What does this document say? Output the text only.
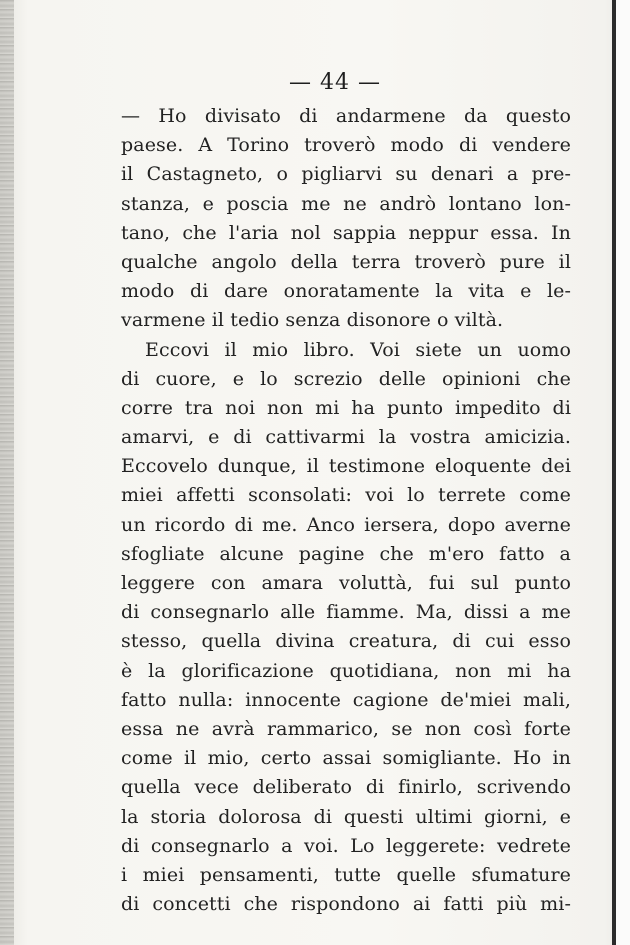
— 44 —
— Ho divisato di andarmene da questo
paese. A Torino troverò modo di vendere
il Castagneto, o pigliarvi su denari a pre-
stanza, e poscia me ne andrò lontano lon-
tano, che l'aria nol sappia neppur essa. In
qualche angolo della terra troverò pure il
modo di dare onoratamente la vita e le-
varmene il tedio senza disonore o viltà.
Eccovi il mio libro. Voi siete un uomo
di cuore, e lo screzio delle opinioni che
corre tra noi non mi ha punto impedito di
amarvi, e di cattivarmi la vostra amicizia.
Eccovelo dunque, il testimone eloquente dei
miei affetti sconsolati: voi lo terrete come
un ricordo di me. Anco iersera, dopo averne
sfogliate alcune pagine che m'ero fatto a
leggere con amara voluttà, fui sul punto
di consegnarlo alle fiamme. Ma, dissi a me
stesso, quella divina creatura, di cui esso
è la glorificazione quotidiana, non mi ha
fatto nulla: innocente cagione de'miei mali,
essa ne avrà rammarico, se non così forte
come il mio, certo assai somigliante. Ho in
quella vece deliberato di finirlo, scrivendo
la storia dolorosa di questi ultimi giorni, e
di consegnarlo a voi. Lo leggerete: vedrete
i miei pensamenti, tutte quelle sfumature
di concetti che rispondono ai fatti più mi-
